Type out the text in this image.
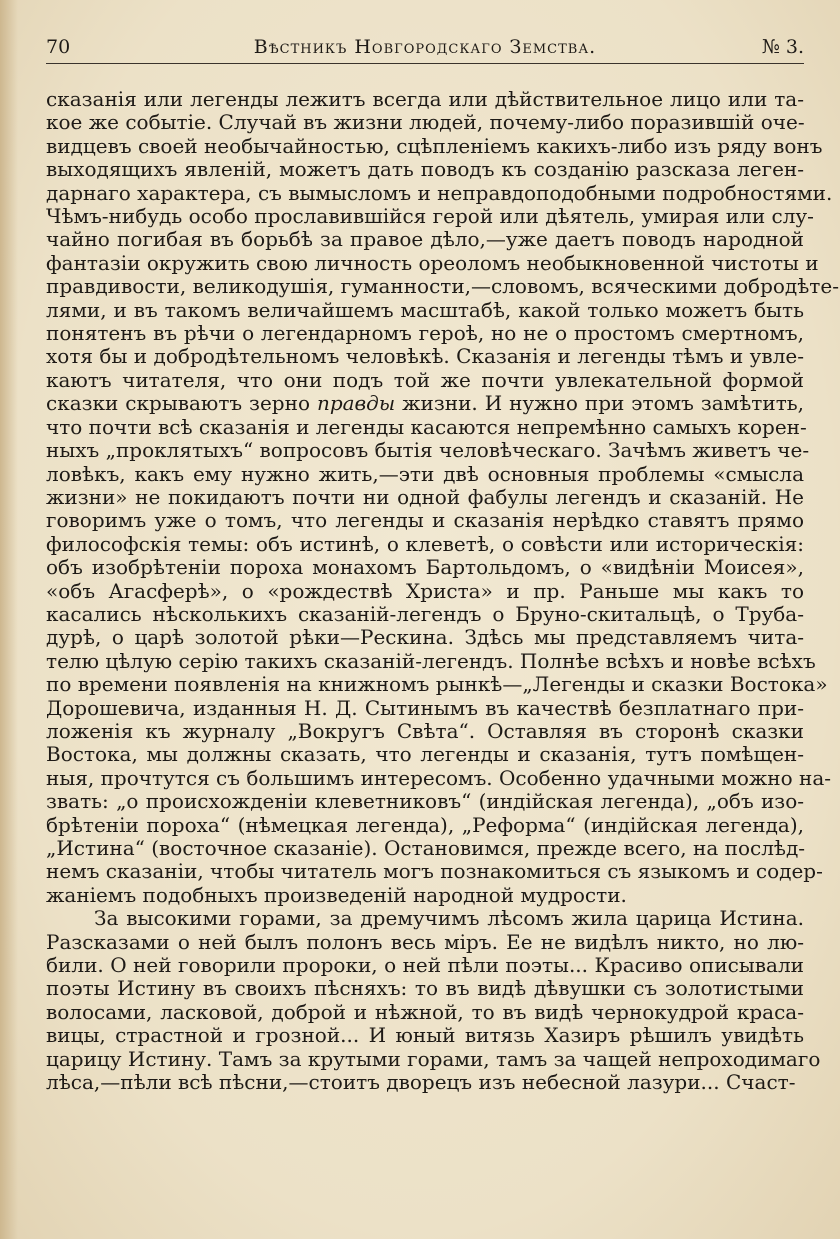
70	Вѣстникъ Новгородскаго Земства.	№ 3.
сказанія или легенды лежитъ всегда или дѣйствительное лицо или та-
кое же событіе. Случай въ жизни людей, почему-либо поразившій оче-
видцевъ своей необычайностью, сцѣпленіемъ какихъ-либо изъ ряду вонъ
выходящихъ явленій, можетъ дать поводъ къ созданію разсказа леген-
дарнаго характера, съ вымысломъ и неправдоподобными подробностями.
Чѣмъ-нибудь особо прославившійся герой или дѣятель, умирая или слу-
чайно погибая въ борьбѣ за правое дѣло,—уже даетъ поводъ народной
фантазіи окружить свою личность ореоломъ необыкновенной чистоты и
правдивости, великодушія, гуманности,—словомъ, всяческими добродѣте-
лями, и въ такомъ величайшемъ масштабѣ, какой только можетъ быть
понятенъ въ рѣчи о легендарномъ героѣ, но не о простомъ смертномъ,
хотя бы и добродѣтельномъ человѣкѣ. Сказанія и легенды тѣмъ и увле-
каютъ читателя, что они подъ той же почти увлекательной формой
сказки скрываютъ зерно правды жизни. И нужно при этомъ замѣтить,
что почти всѣ сказанія и легенды касаются непремѣнно самыхъ корен-
ныхъ „проклятыхъ“ вопросовъ бытія человѣческаго. Зачѣмъ живетъ че-
ловѣкъ, какъ ему нужно жить,—эти двѣ основныя проблемы «смысла
жизни» не покидаютъ почти ни одной фабулы легендъ и сказаній. Не
говоримъ уже о томъ, что легенды и сказанія нерѣдко ставятъ прямо
философскія темы: объ истинѣ, о клеветѣ, о совѣсти или историческія:
объ изобрѣтеніи пороха монахомъ Бартольдомъ, о «видѣніи Моисея»,
«объ Агасферѣ», о «рождествѣ Христа» и пр. Раньше мы какъ то
касались нѣсколькихъ сказаній-легендъ о Бруно-скитальцѣ, о Труба-
дурѣ, о царѣ золотой рѣки—Рескина. Здѣсь мы представляемъ чита-
телю цѣлую серію такихъ сказаній-легендъ. Полнѣе всѣхъ и новѣе всѣхъ
по времени появленія на книжномъ рынкѣ—„Легенды и сказки Востока»
Дорошевича, изданныя Н. Д. Сытинымъ въ качествѣ безплатнаго при-
ложенія къ журналу „Вокругъ Свѣта“. Оставляя въ сторонѣ сказки
Востока, мы должны сказать, что легенды и сказанія, тутъ помѣщен-
ныя, прочтутся съ большимъ интересомъ. Особенно удачными можно на-
звать: „о происхожденіи клеветниковъ“ (индійская легенда), „объ изо-
брѣтеніи пороха“ (нѣмецкая легенда), „Реформа“ (индійская легенда),
„Истина“ (восточное сказаніе). Остановимся, прежде всего, на послѣд-
немъ сказаніи, чтобы читатель могъ познакомиться съ языкомъ и содер-
жаніемъ подобныхъ произведеній народной мудрости.
За высокими горами, за дремучимъ лѣсомъ жила царица Истина.
Разсказами о ней былъ полонъ весь міръ. Ее не видѣлъ никто, но лю-
били. О ней говорили пророки, о ней пѣли поэты... Красиво описывали
поэты Истину въ своихъ пѣсняхъ: то въ видѣ дѣвушки съ золотистыми
волосами, ласковой, доброй и нѣжной, то въ видѣ чернокудрой краса-
вицы, страстной и грозной... И юный витязь Хазиръ рѣшилъ увидѣть
царицу Истину. Тамъ за крутыми горами, тамъ за чащей непроходимаго
лѣса,—пѣли всѣ пѣсни,—стоитъ дворецъ изъ небесной лазури... Счаст-
